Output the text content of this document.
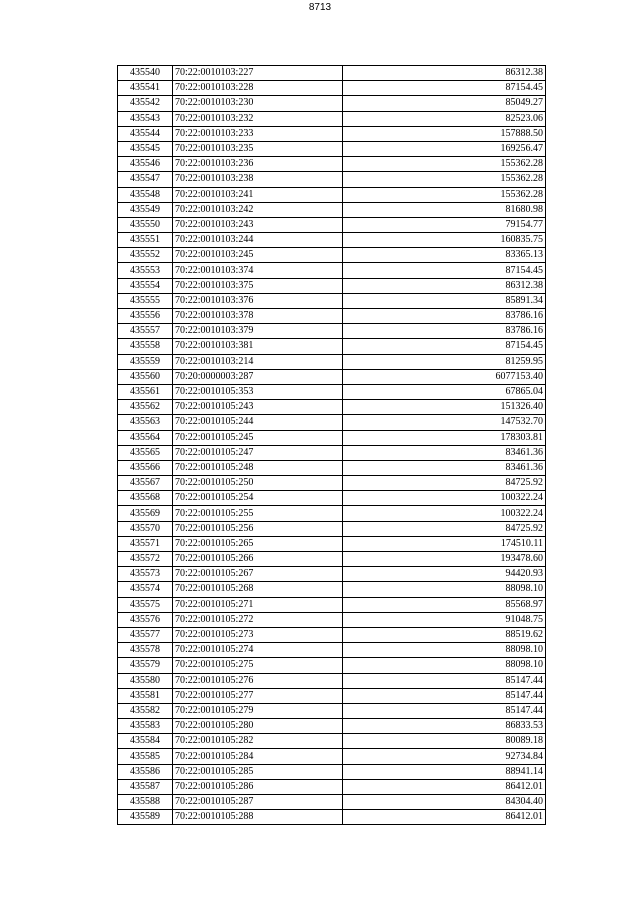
8713
435540	70:22:0010103:227	86312.38
435541	70:22:0010103:228	87154.45
435542	70:22:0010103:230	85049.27
435543	70:22:0010103:232	82523.06
435544	70:22:0010103:233	157888.50
435545	70:22:0010103:235	169256.47
435546	70:22:0010103:236	155362.28
435547	70:22:0010103:238	155362.28
435548	70:22:0010103:241	155362.28
435549	70:22:0010103:242	81680.98
435550	70:22:0010103:243	79154.77
435551	70:22:0010103:244	160835.75
435552	70:22:0010103:245	83365.13
435553	70:22:0010103:374	87154.45
435554	70:22:0010103:375	86312.38
435555	70:22:0010103:376	85891.34
435556	70:22:0010103:378	83786.16
435557	70:22:0010103:379	83786.16
435558	70:22:0010103:381	87154.45
435559	70:22:0010103:214	81259.95
435560	70:20:0000003:287	6077153.40
435561	70:22:0010105:353	67865.04
435562	70:22:0010105:243	151326.40
435563	70:22:0010105:244	147532.70
435564	70:22:0010105:245	178303.81
435565	70:22:0010105:247	83461.36
435566	70:22:0010105:248	83461.36
435567	70:22:0010105:250	84725.92
435568	70:22:0010105:254	100322.24
435569	70:22:0010105:255	100322.24
435570	70:22:0010105:256	84725.92
435571	70:22:0010105:265	174510.11
435572	70:22:0010105:266	193478.60
435573	70:22:0010105:267	94420.93
435574	70:22:0010105:268	88098.10
435575	70:22:0010105:271	85568.97
435576	70:22:0010105:272	91048.75
435577	70:22:0010105:273	88519.62
435578	70:22:0010105:274	88098.10
435579	70:22:0010105:275	88098.10
435580	70:22:0010105:276	85147.44
435581	70:22:0010105:277	85147.44
435582	70:22:0010105:279	85147.44
435583	70:22:0010105:280	86833.53
435584	70:22:0010105:282	80089.18
435585	70:22:0010105:284	92734.84
435586	70:22:0010105:285	88941.14
435587	70:22:0010105:286	86412.01
435588	70:22:0010105:287	84304.40
435589	70:22:0010105:288	86412.01
